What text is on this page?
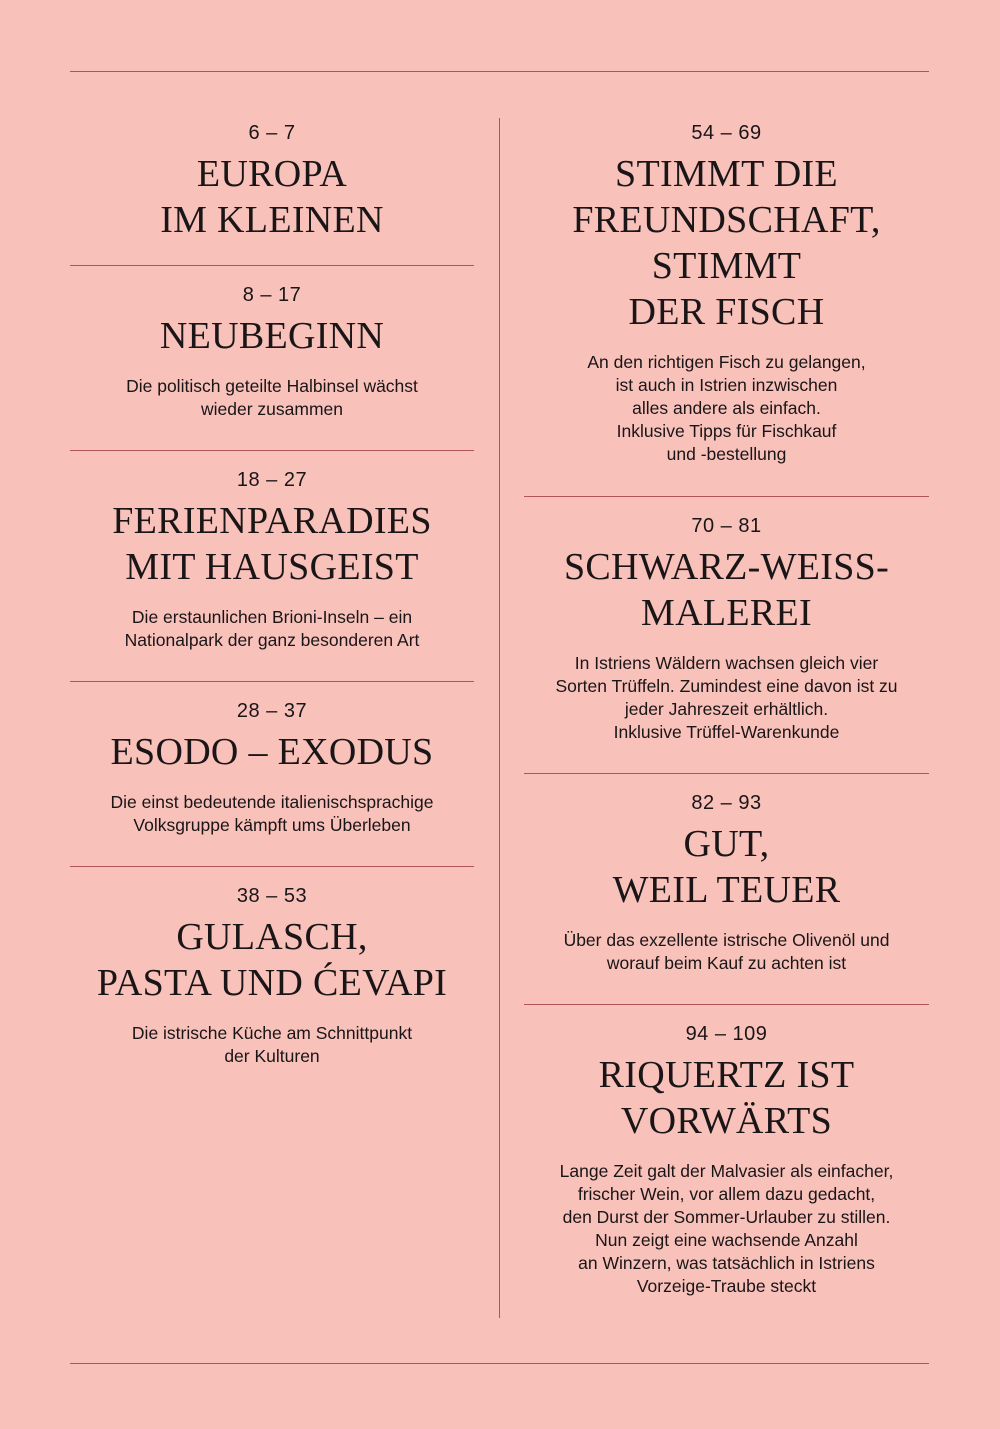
6 – 7
EUROPA
IM KLEINEN
8 – 17
NEUBEGINN
Die politisch geteilte Halbinsel wächst
wieder zusammen
18 – 27
FERIENPARADIES
MIT HAUSGEIST
Die erstaunlichen Brioni-Inseln – ein
Nationalpark der ganz besonderen Art
28 – 37
ESODO – EXODUS
Die einst bedeutende italienischsprachige
Volksgruppe kämpft ums Überleben
38 – 53
GULASCH,
PASTA UND ĆEVAPI
Die istrische Küche am Schnittpunkt
der Kulturen
54 – 69
STIMMT DIE
FREUNDSCHAFT,
STIMMT
DER FISCH
An den richtigen Fisch zu gelangen,
ist auch in Istrien inzwischen
alles andere als einfach.
Inklusive Tipps für Fischkauf
und -bestellung
70 – 81
SCHWARZ-WEISS-
MALEREI
In Istriens Wäldern wachsen gleich vier
Sorten Trüffeln. Zumindest eine davon ist zu
jeder Jahreszeit erhältlich.
Inklusive Trüffel-Warenkunde
82 – 93
GUT,
WEIL TEUER
Über das exzellente istrische Olivenöl und
worauf beim Kauf zu achten ist
94 – 109
RIQUERTZ IST
VORWÄRTS
Lange Zeit galt der Malvasier als einfacher,
frischer Wein, vor allem dazu gedacht,
den Durst der Sommer-Urlauber zu stillen.
Nun zeigt eine wachsende Anzahl
an Winzern, was tatsächlich in Istriens
Vorzeige-Traube steckt
